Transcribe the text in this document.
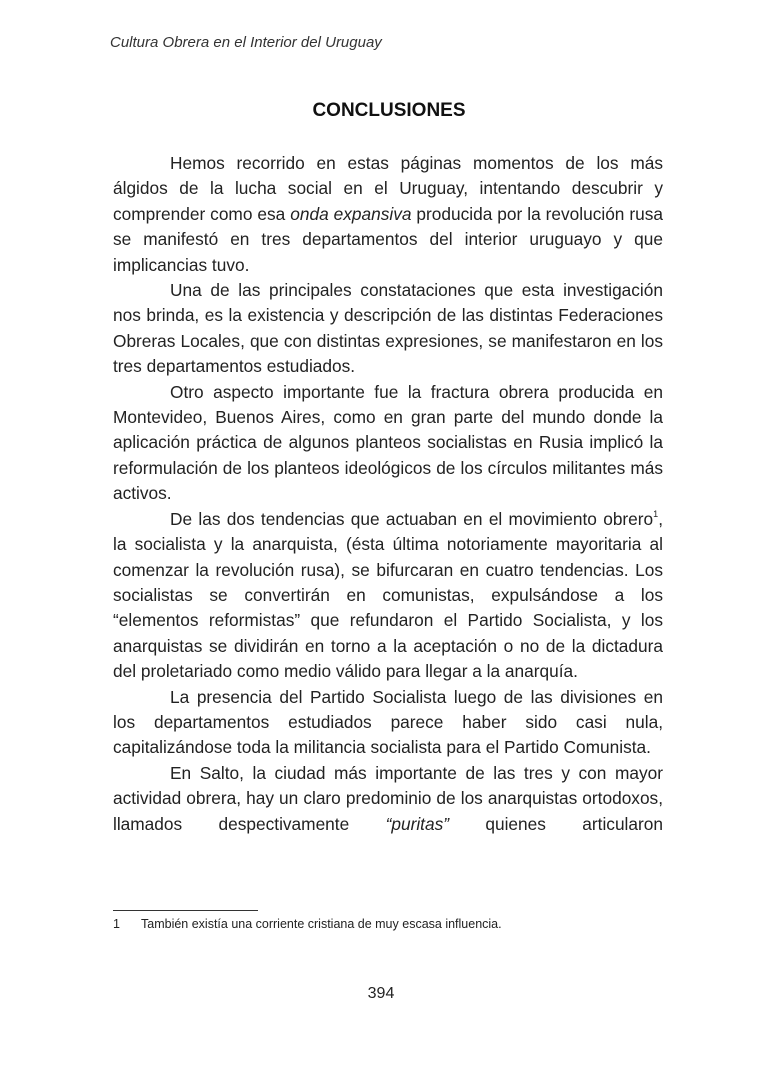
Cultura Obrera en el Interior del Uruguay
CONCLUSIONES

Hemos recorrido en estas páginas momentos de los más álgidos de la lucha social en el Uruguay, intentando descubrir y comprender como esa onda expansiva producida por la revolución rusa se manifestó en tres departamentos del interior uruguayo y que implicancias tuvo.

Una de las principales constataciones que esta investigación nos brinda, es la existencia y descripción de las distintas Federaciones Obreras Locales, que con distintas expresiones, se manifestaron en los tres departamentos estudiados.

Otro aspecto importante fue la fractura obrera producida en Montevideo, Buenos Aires, como en gran parte del mundo donde la aplicación práctica de algunos planteos socialistas en Rusia implicó la reformulación de los planteos ideológicos de los círculos militantes más activos.

De las dos tendencias que actuaban en el movimiento obrero$^1$, la socialista y la anarquista, (ésta última notoriamente mayoritaria al comenzar la revolución rusa), se bifurcaran en cuatro tendencias. Los socialistas se convertirán en comunistas, expulsándose a los “elementos reformistas” que refundaron el Partido Socialista, y los anarquistas se dividirán en torno a la aceptación o no de la dictadura del proletariado como medio válido para llegar a la anarquía.

La presencia del Partido Socialista luego de las divisiones en los departamentos estudiados parece haber sido casi nula, capitalizándose toda la militancia socialista para el Partido Comunista.

En Salto, la ciudad más importante de las tres y con mayor actividad obrera, hay un claro predominio de los anarquistas ortodoxos, llamados despectivamente “puritas” quienes articularon

1 También existía una corriente cristiana de muy escasa influencia.
394
